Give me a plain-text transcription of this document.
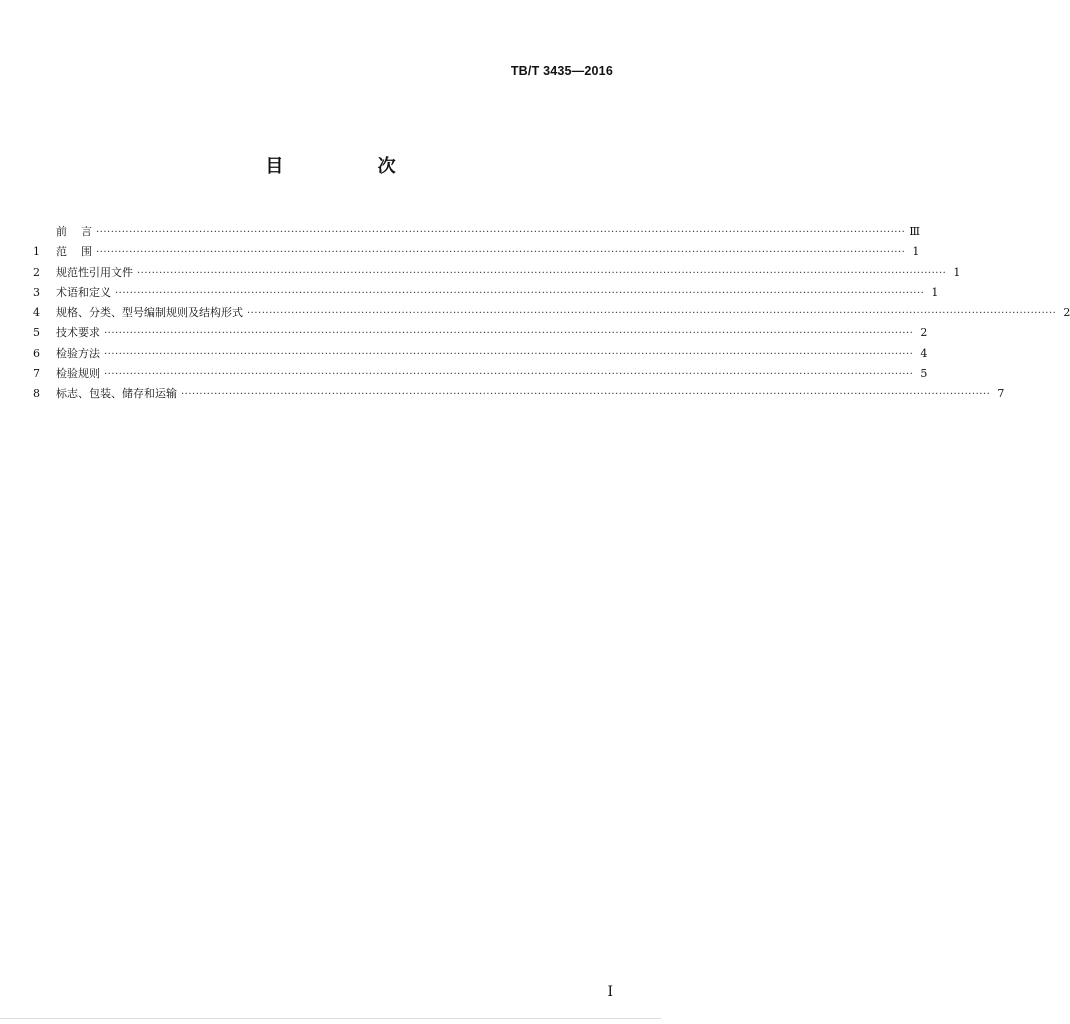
TB/T 3435—2016
目	次
前    言 ···························································································································································································································· Ⅲ
1	范    围 ···························································································································································································································· 1
2	规范性引用文件 ···························································································································································································································· 1
3	术语和定义 ···························································································································································································································· 1
4	规格、分类、型号编制规则及结构形式 ···························································································································································································································· 2
5	技术要求 ···························································································································································································································· 2
6	检验方法 ···························································································································································································································· 4
7	检验规则 ···························································································································································································································· 5
8	标志、包装、储存和运输 ···························································································································································································································· 7
I
